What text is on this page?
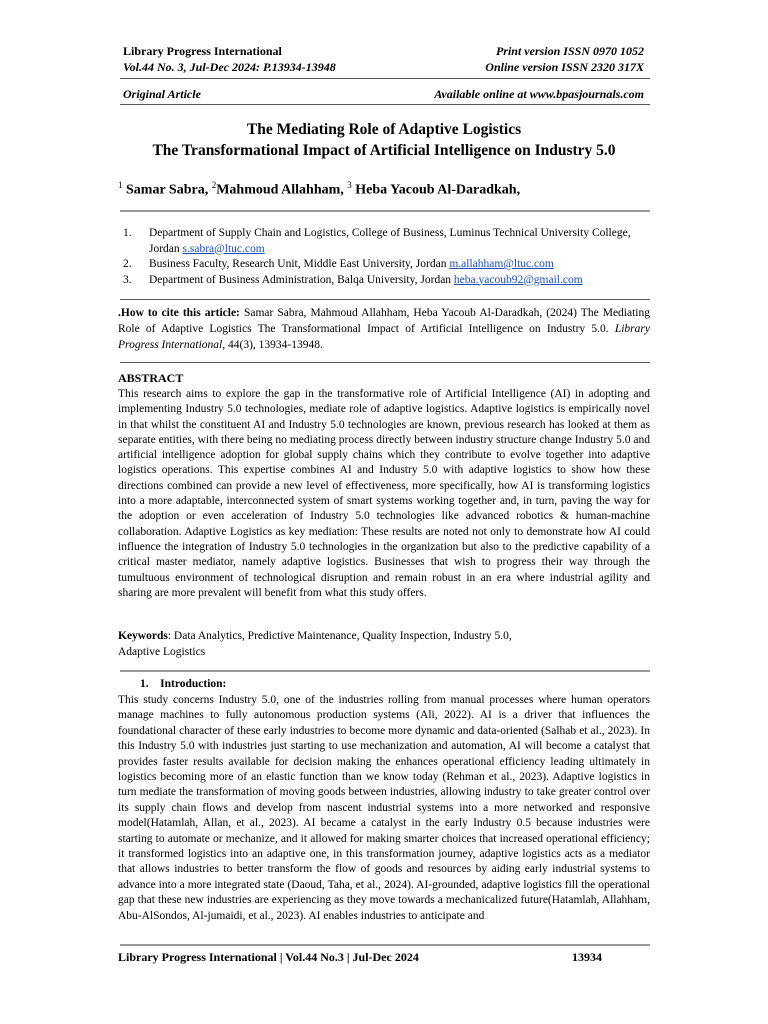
Library Progress International
Vol.44 No. 3, Jul-Dec 2024: P.13934-13948
Print version ISSN 0970 1052
Online version ISSN 2320 317X
Original Article	Available online at www.bpasjournals.com
The Mediating Role of Adaptive Logistics
The Transformational Impact of Artificial Intelligence on Industry 5.0
$^1$ Samar Sabra, $^2$Mahmoud Allahham, $^3$ Heba Yacoub Al-Daradkah,
1.	Department of Supply Chain and Logistics, College of Business, Luminus Technical University College,
Jordan s.sabra@ltuc.com
2.	Business Faculty, Research Unit, Middle East University, Jordan m.allahham@ltuc.com
3.	Department of Business Administration, Balqa University, Jordan heba.yacoub92@gmail.com
.How to cite this article: Samar Sabra, Mahmoud Allahham, Heba Yacoub Al-Daradkah, (2024) The Mediating Role of Adaptive Logistics The Transformational Impact of Artificial Intelligence on Industry 5.0. Library Progress International, 44(3), 13934-13948.
ABSTRACT
This research aims to explore the gap in the transformative role of Artificial Intelligence (AI) in adopting and implementing Industry 5.0 technologies, mediate role of adaptive logistics. Adaptive logistics is empirically novel in that whilst the constituent AI and Industry 5.0 technologies are known, previous research has looked at them as separate entities, with there being no mediating process directly between industry structure change Industry 5.0 and artificial intelligence adoption for global supply chains which they contribute to evolve together into adaptive logistics operations. This expertise combines AI and Industry 5.0 with adaptive logistics to show how these directions combined can provide a new level of effectiveness, more specifically, how AI is transforming logistics into a more adaptable, interconnected system of smart systems working together and, in turn, paving the way for the adoption or even acceleration of Industry 5.0 technologies like advanced robotics & human-machine collaboration. Adaptive Logistics as key mediation: These results are noted not only to demonstrate how AI could influence the integration of Industry 5.0 technologies in the organization but also to the predictive capability of a critical master mediator, namely adaptive logistics. Businesses that wish to progress their way through the tumultuous environment of technological disruption and remain robust in an era where industrial agility and sharing are more prevalent will benefit from what this study offers.
Keywords: Data Analytics, Predictive Maintenance, Quality Inspection, Industry 5.0,
Adaptive Logistics
1.    Introduction:
This study concerns Industry 5.0, one of the industries rolling from manual processes where human operators manage machines to fully autonomous production systems (Ali, 2022). AI is a driver that influences the foundational character of these early industries to become more dynamic and data-oriented (Salhab et al., 2023). In this Industry 5.0 with industries just starting to use mechanization and automation, AI will become a catalyst that provides faster results available for decision making the enhances operational efficiency leading ultimately in logistics becoming more of an elastic function than we know today (Rehman et al., 2023). Adaptive logistics in turn mediate the transformation of moving goods between industries, allowing industry to take greater control over its supply chain flows and develop from nascent industrial systems into a more networked and responsive model(Hatamlah, Allan, et al., 2023). AI became a catalyst in the early Industry 0.5 because industries were starting to automate or mechanize, and it allowed for making smarter choices that increased operational efficiency; it transformed logistics into an adaptive one, in this transformation journey, adaptive logistics acts as a mediator that allows industries to better transform the flow of goods and resources by aiding early industrial systems to advance into a more integrated state (Daoud, Taha, et al., 2024). AI-grounded, adaptive logistics fill the operational gap that these new industries are experiencing as they move towards a mechanicalized future(Hatamlah, Allahham, Abu-AlSondos, Al-jumaidi, et al., 2023). AI enables industries to anticipate and
Library Progress International | Vol.44 No.3 | Jul-Dec 2024	13934
